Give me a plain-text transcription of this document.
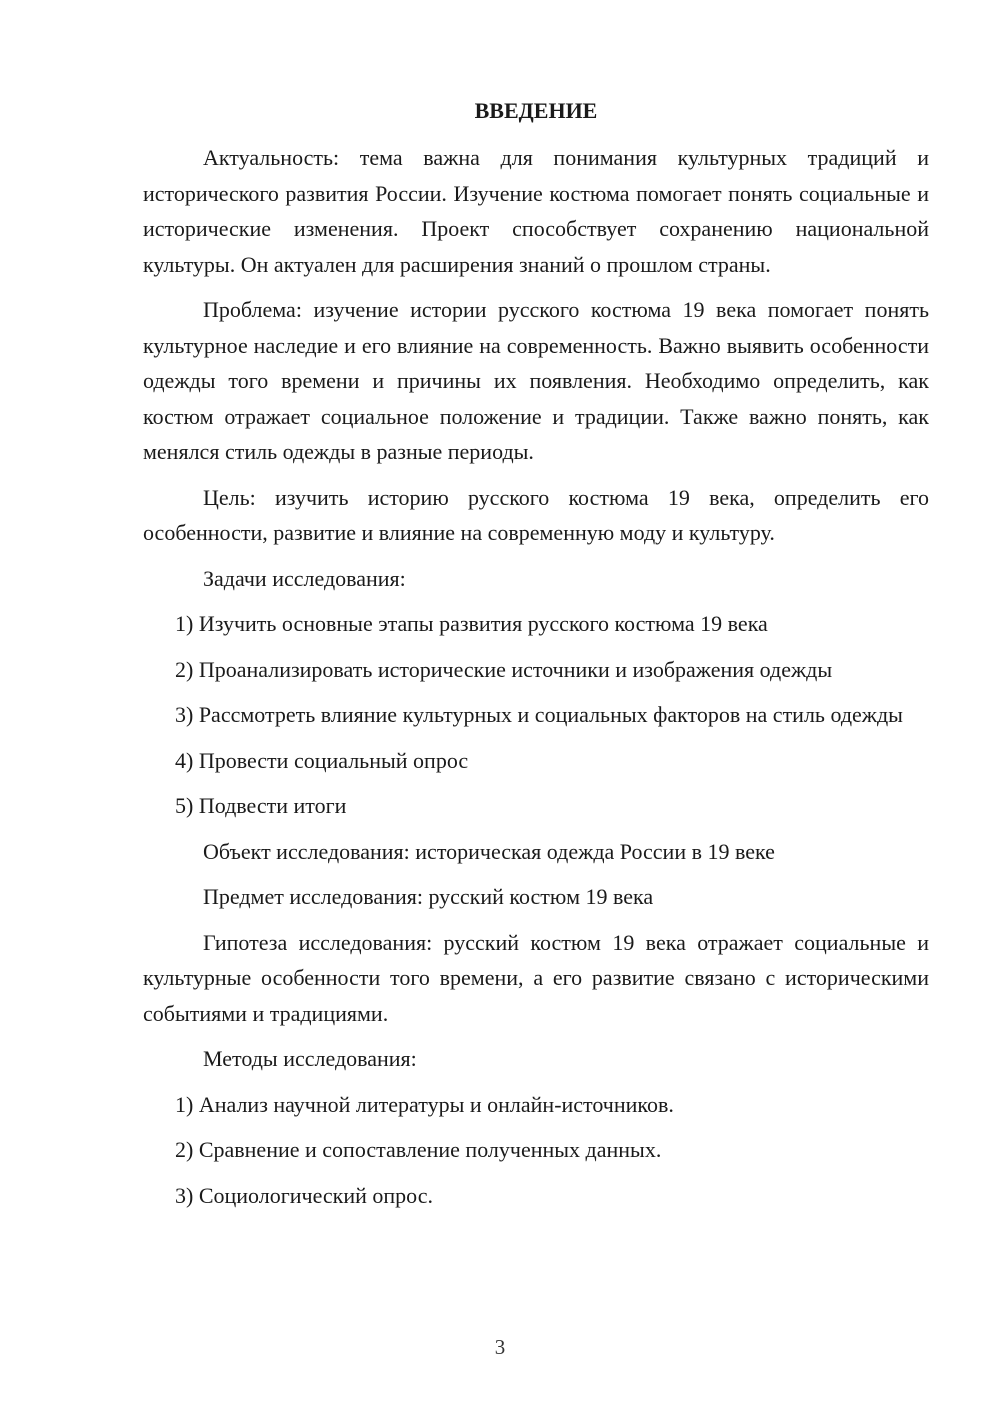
ВВЕДЕНИЕ

Актуальность: тема важна для понимания культурных традиций и исторического развития России. Изучение костюма помогает понять социальные и исторические изменения. Проект способствует сохранению национальной культуры. Он актуален для расширения знаний о прошлом страны.

Проблема: изучение истории русского костюма 19 века помогает понять культурное наследие и его влияние на современность. Важно выявить особенности одежды того времени и причины их появления. Необходимо определить, как костюм отражает социальное положение и традиции. Также важно понять, как менялся стиль одежды в разные периоды.

Цель: изучить историю русского костюма 19 века, определить его особенности, развитие и влияние на современную моду и культуру.

Задачи исследования:

1) Изучить основные этапы развития русского костюма 19 века

2) Проанализировать исторические источники и изображения одежды

3) Рассмотреть влияние культурных и социальных факторов на стиль одежды

4) Провести социальный опрос

5) Подвести итоги

Объект исследования: историческая одежда России в 19 веке

Предмет исследования: русский костюм 19 века

Гипотеза исследования: русский костюм 19 века отражает социальные и культурные особенности того времени, а его развитие связано с историческими событиями и традициями.

Методы исследования:

1) Анализ научной литературы и онлайн-источников.

2) Сравнение и сопоставление полученных данных.

3) Социологический опрос.

3
